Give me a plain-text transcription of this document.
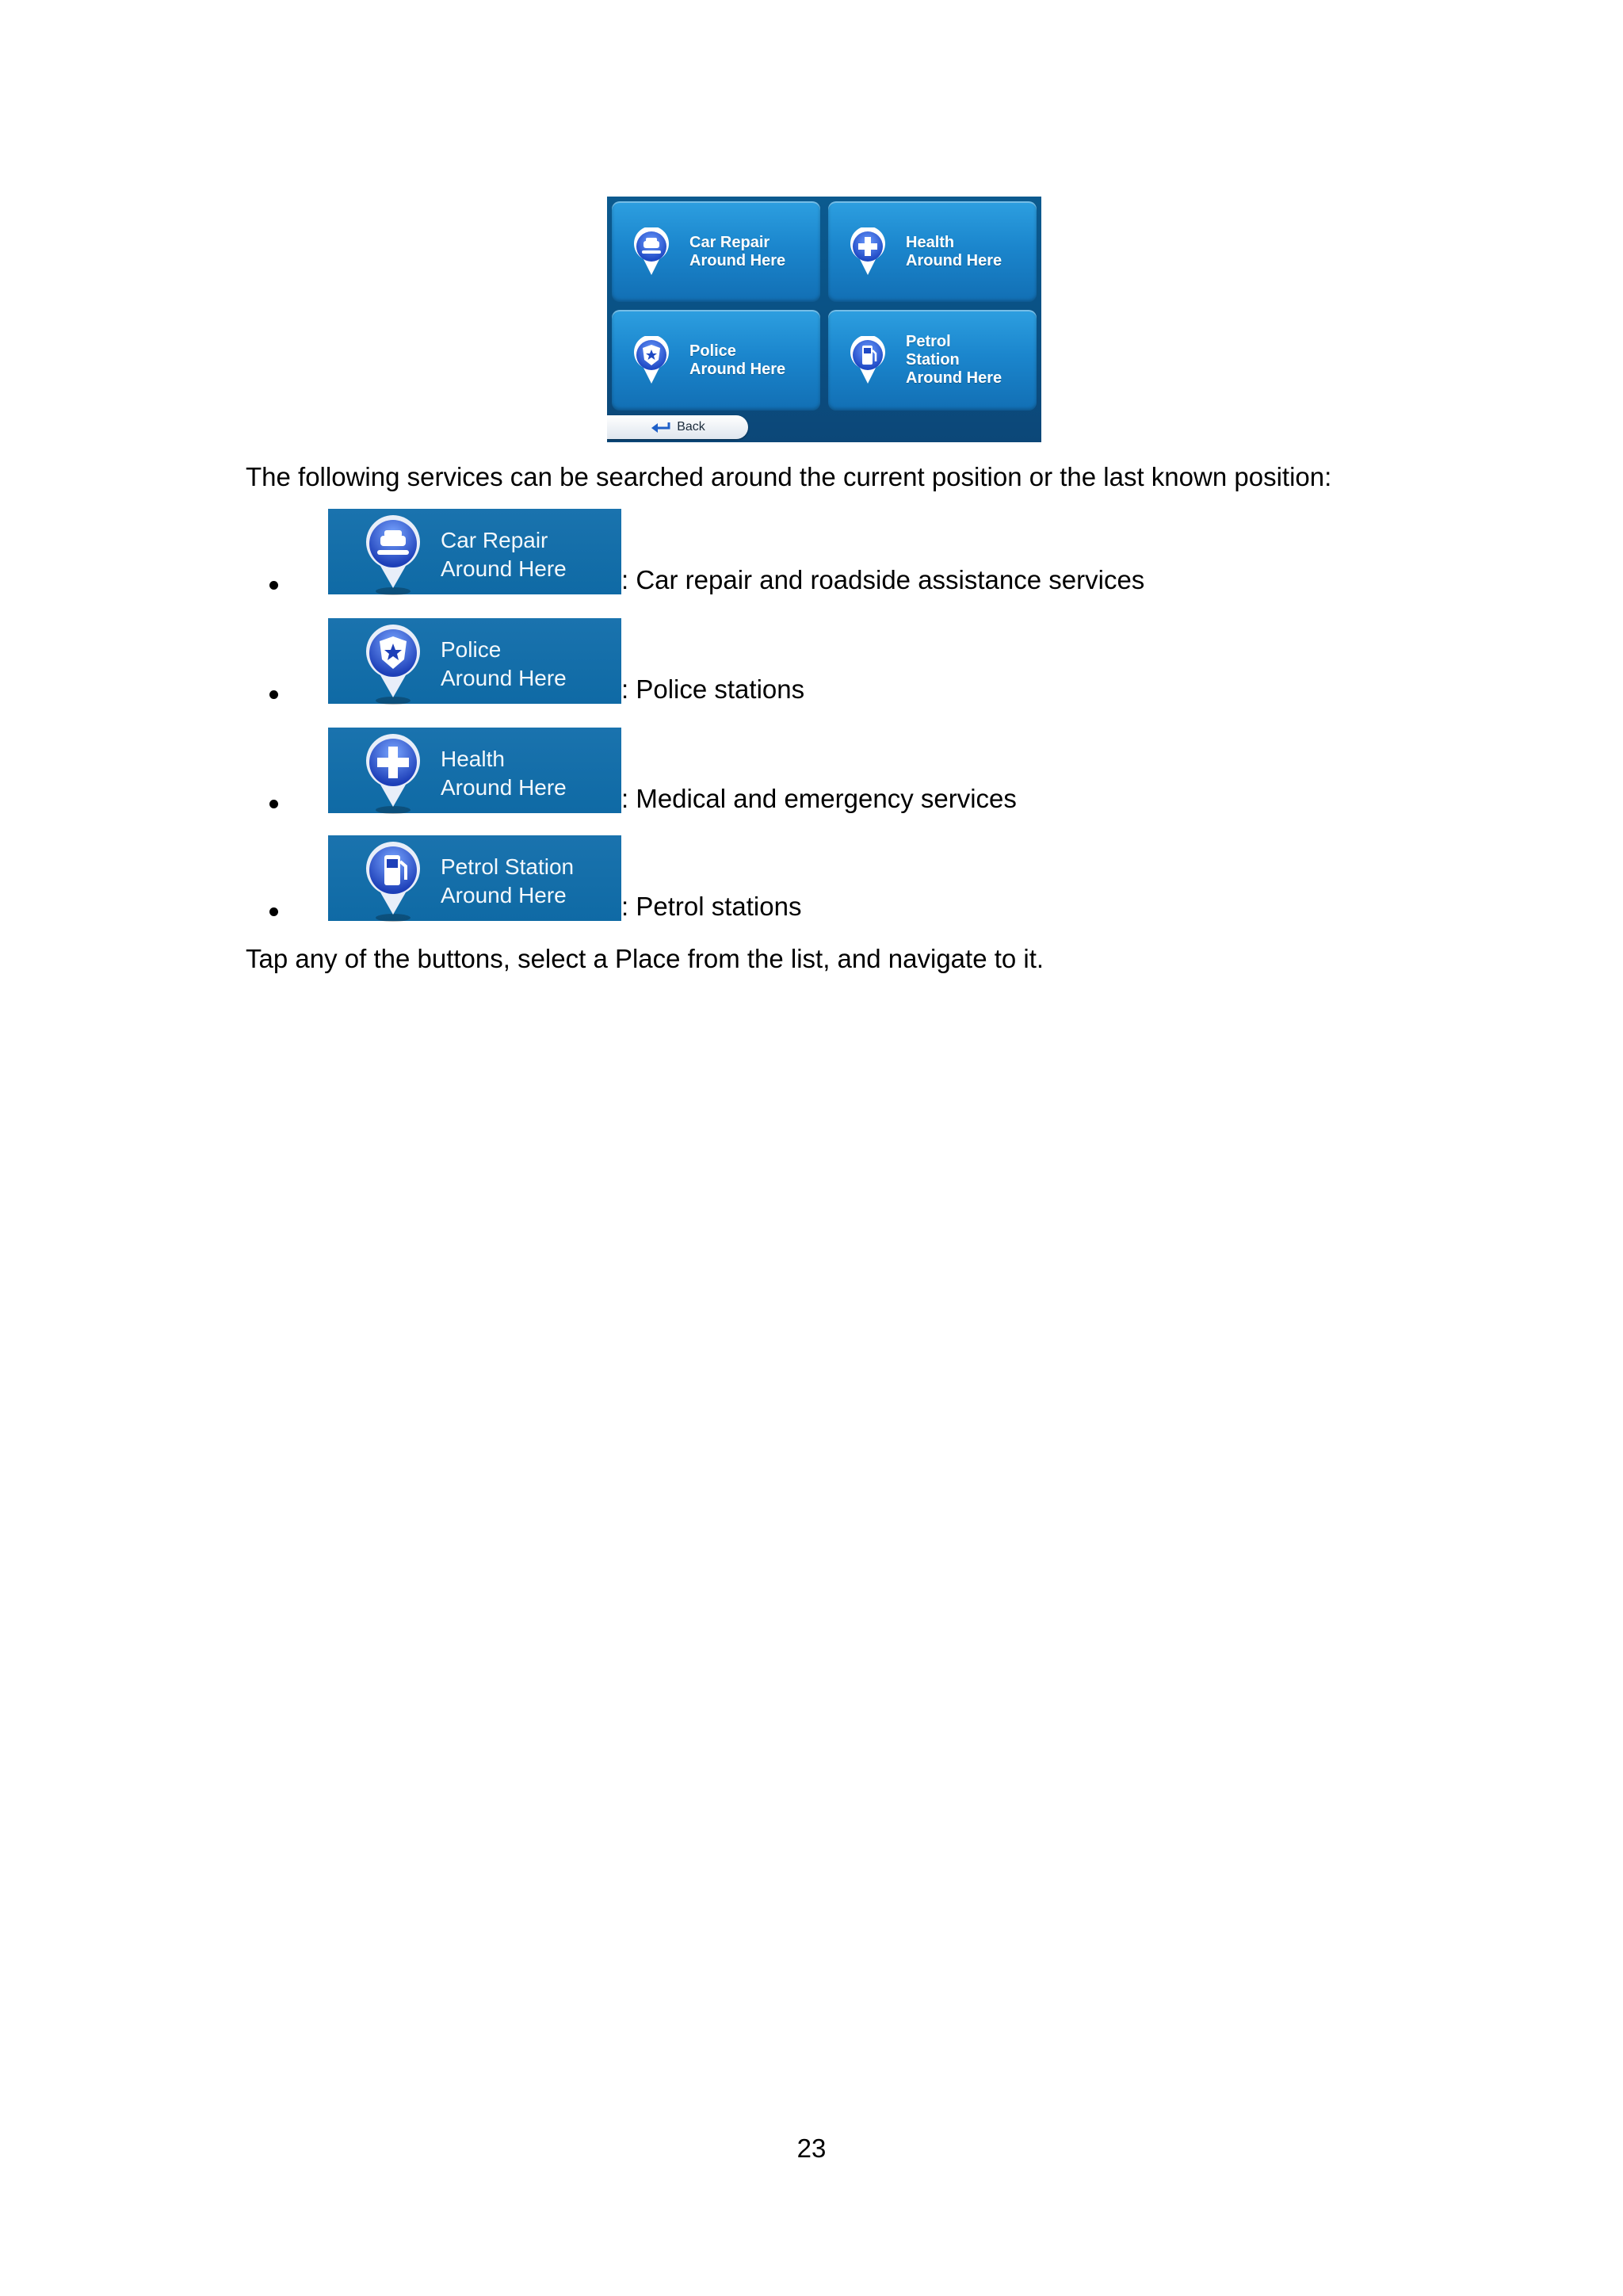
Car Repair
Around Here
Health
Around Here
Police
Around Here
Petrol
Station
Around Here
Back
The following services can be searched around the current position or the last known position:
Car Repair
Around Here : Car repair and roadside assistance services
Police
Around Here : Police stations
Health
Around Here : Medical and emergency services
Petrol Station
Around Here : Petrol stations
Tap any of the buttons, select a Place from the list, and navigate to it.
23
